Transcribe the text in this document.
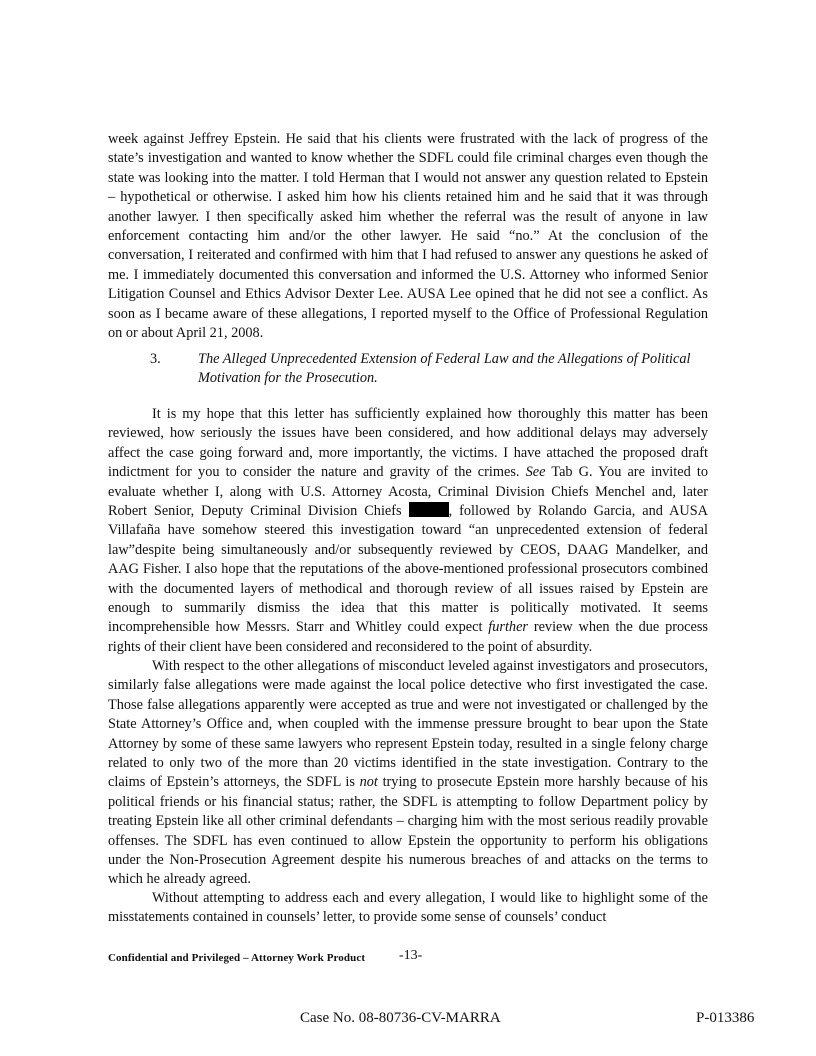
week against Jeffrey Epstein. He said that his clients were frustrated with the lack of progress of the state’s investigation and wanted to know whether the SDFL could file criminal charges even though the state was looking into the matter. I told Herman that I would not answer any question related to Epstein – hypothetical or otherwise. I asked him how his clients retained him and he said that it was through another lawyer. I then specifically asked him whether the referral was the result of anyone in law enforcement contacting him and/or the other lawyer. He said “no.” At the conclusion of the conversation, I reiterated and confirmed with him that I had refused to answer any questions he asked of me. I immediately documented this conversation and informed the U.S. Attorney who informed Senior Litigation Counsel and Ethics Advisor Dexter Lee. AUSA Lee opined that he did not see a conflict. As soon as I became aware of these allegations, I reported myself to the Office of Professional Regulation on or about April 21, 2008.

3.	The Alleged Unprecedented Extension of Federal Law and the Allegations of Political Motivation for the Prosecution.

It is my hope that this letter has sufficiently explained how thoroughly this matter has been reviewed, how seriously the issues have been considered, and how additional delays may adversely affect the case going forward and, more importantly, the victims. I have attached the proposed draft indictment for you to consider the nature and gravity of the crimes. See Tab G. You are invited to evaluate whether I, along with U.S. Attorney Acosta, Criminal Division Chiefs Menchel and, later Robert Senior, Deputy Criminal Division Chiefs	, followed by Rolando Garcia, and AUSA Villafaña have somehow steered this investigation toward “an unprecedented extension of federal law”despite being simultaneously and/or subsequently reviewed by CEOS, DAAG Mandelker, and AAG Fisher. I also hope that the reputations of the above-mentioned professional prosecutors combined with the documented layers of methodical and thorough review of all issues raised by Epstein are enough to summarily dismiss the idea that this matter is politically motivated. It seems incomprehensible how Messrs. Starr and Whitley could expect further review when the due process rights of their client have been considered and reconsidered to the point of absurdity.

With respect to the other allegations of misconduct leveled against investigators and prosecutors, similarly false allegations were made against the local police detective who first investigated the case. Those false allegations apparently were accepted as true and were not investigated or challenged by the State Attorney’s Office and, when coupled with the immense pressure brought to bear upon the State Attorney by some of these same lawyers who represent Epstein today, resulted in a single felony charge related to only two of the more than 20 victims identified in the state investigation. Contrary to the claims of Epstein’s attorneys, the SDFL is not trying to prosecute Epstein more harshly because of his political friends or his financial status; rather, the SDFL is attempting to follow Department policy by treating Epstein like all other criminal defendants – charging him with the most serious readily provable offenses. The SDFL has even continued to allow Epstein the opportunity to perform his obligations under the Non-Prosecution Agreement despite his numerous breaches of and attacks on the terms to which he already agreed.

Without attempting to address each and every allegation, I would like to highlight some of the misstatements contained in counsels’ letter, to provide some sense of counsels’ conduct

Confidential and Privileged – Attorney Work Product -13-
Case No. 08-80736-CV-MARRA	P-013386
